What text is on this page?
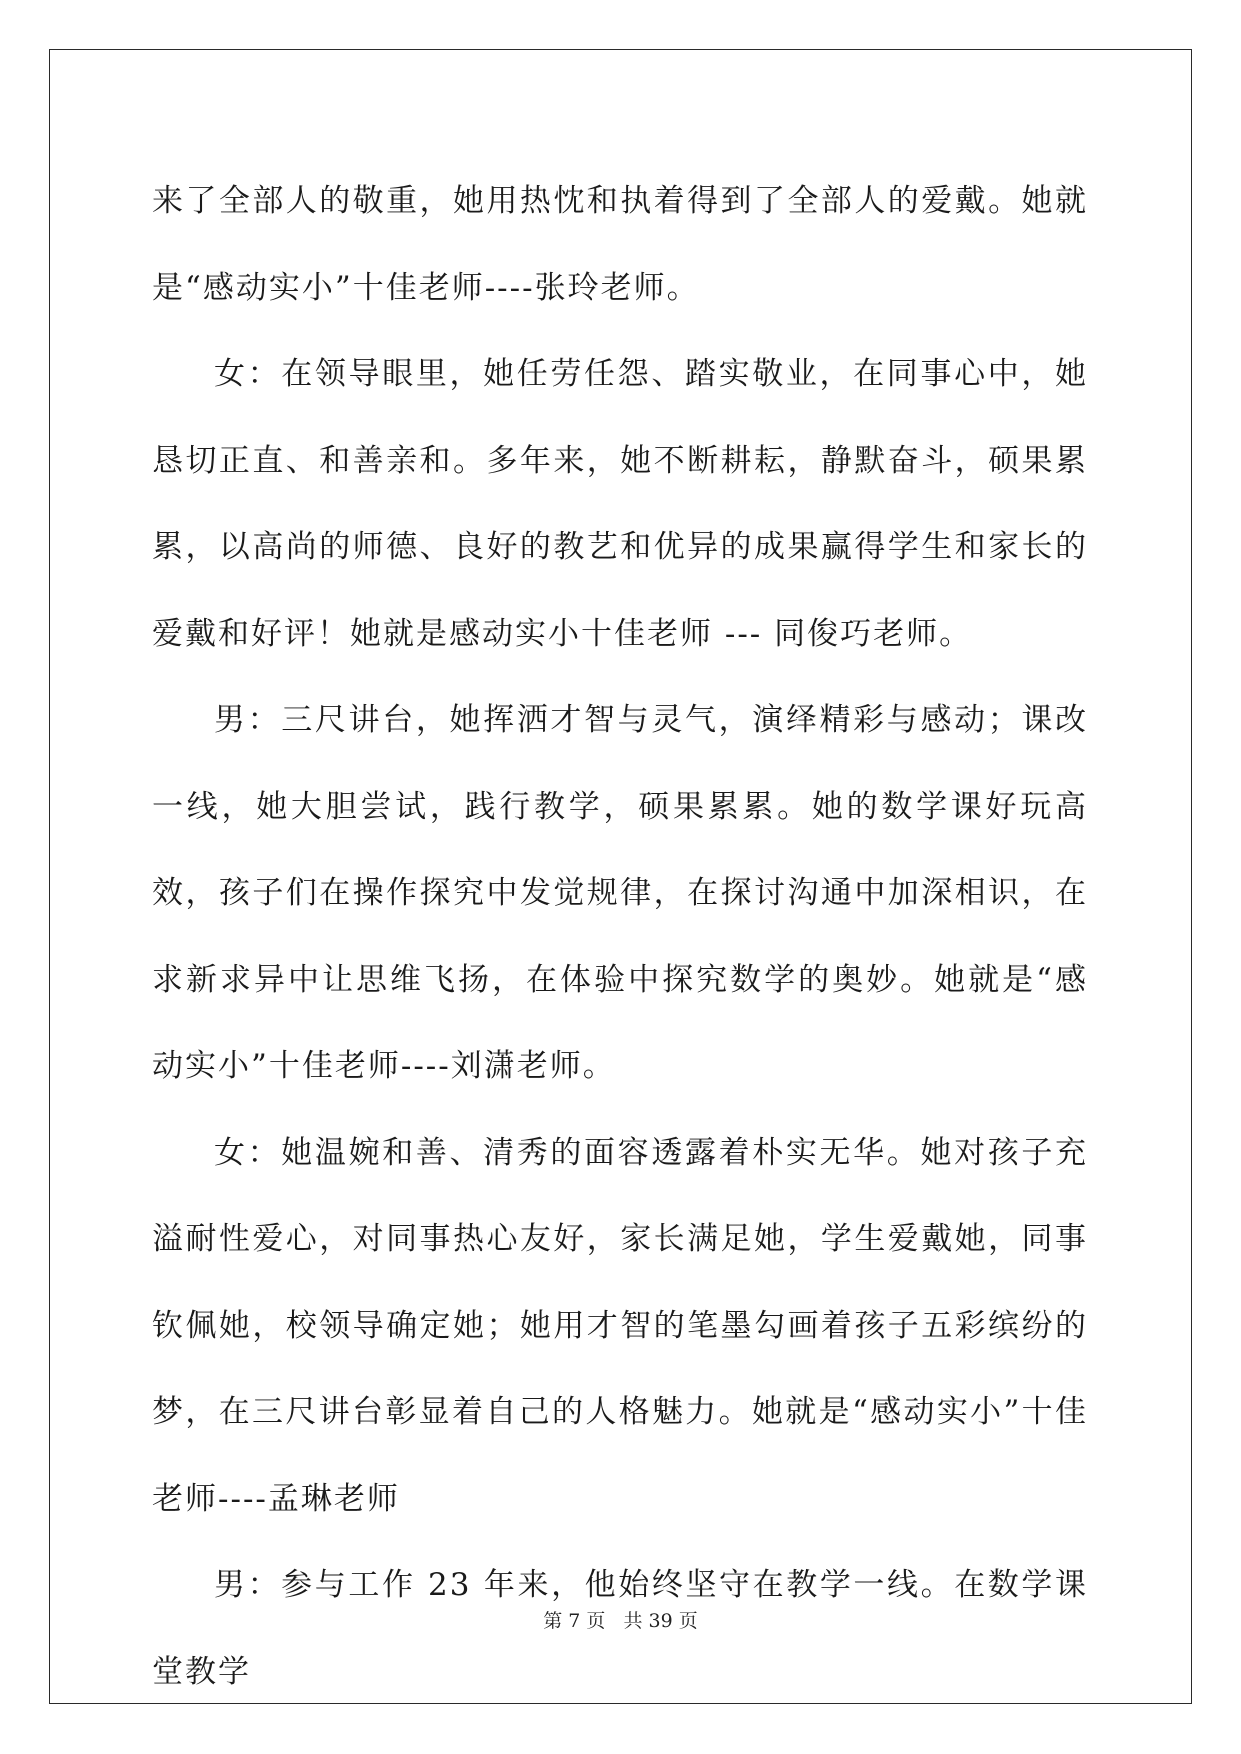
来了全部人的敬重，她用热忱和执着得到了全部人的爱戴。她就是“感动实小”十佳老师----张玲老师。

女：在领导眼里，她任劳任怨、踏实敬业，在同事心中，她恳切正直、和善亲和。多年来，她不断耕耘，静默奋斗，硕果累累，以高尚的师德、良好的教艺和优异的成果赢得学生和家长的爱戴和好评！她就是感动实小十佳老师 --- 同俊巧老师。

男：三尺讲台，她挥洒才智与灵气，演绎精彩与感动；课改一线，她大胆尝试，践行教学，硕果累累。她的数学课好玩高效，孩子们在操作探究中发觉规律，在探讨沟通中加深相识，在求新求异中让思维飞扬，在体验中探究数学的奥妙。她就是“感动实小”十佳老师----刘潇老师。

女：她温婉和善、清秀的面容透露着朴实无华。她对孩子充溢耐性爱心，对同事热心友好，家长满足她，学生爱戴她，同事钦佩她，校领导确定她；她用才智的笔墨勾画着孩子五彩缤纷的梦，在三尺讲台彰显着自己的人格魅力。她就是“感动实小”十佳老师----孟琳老师

男：参与工作 23 年来，他始终坚守在教学一线。在数学课堂教学

第 7 页 共 39 页
